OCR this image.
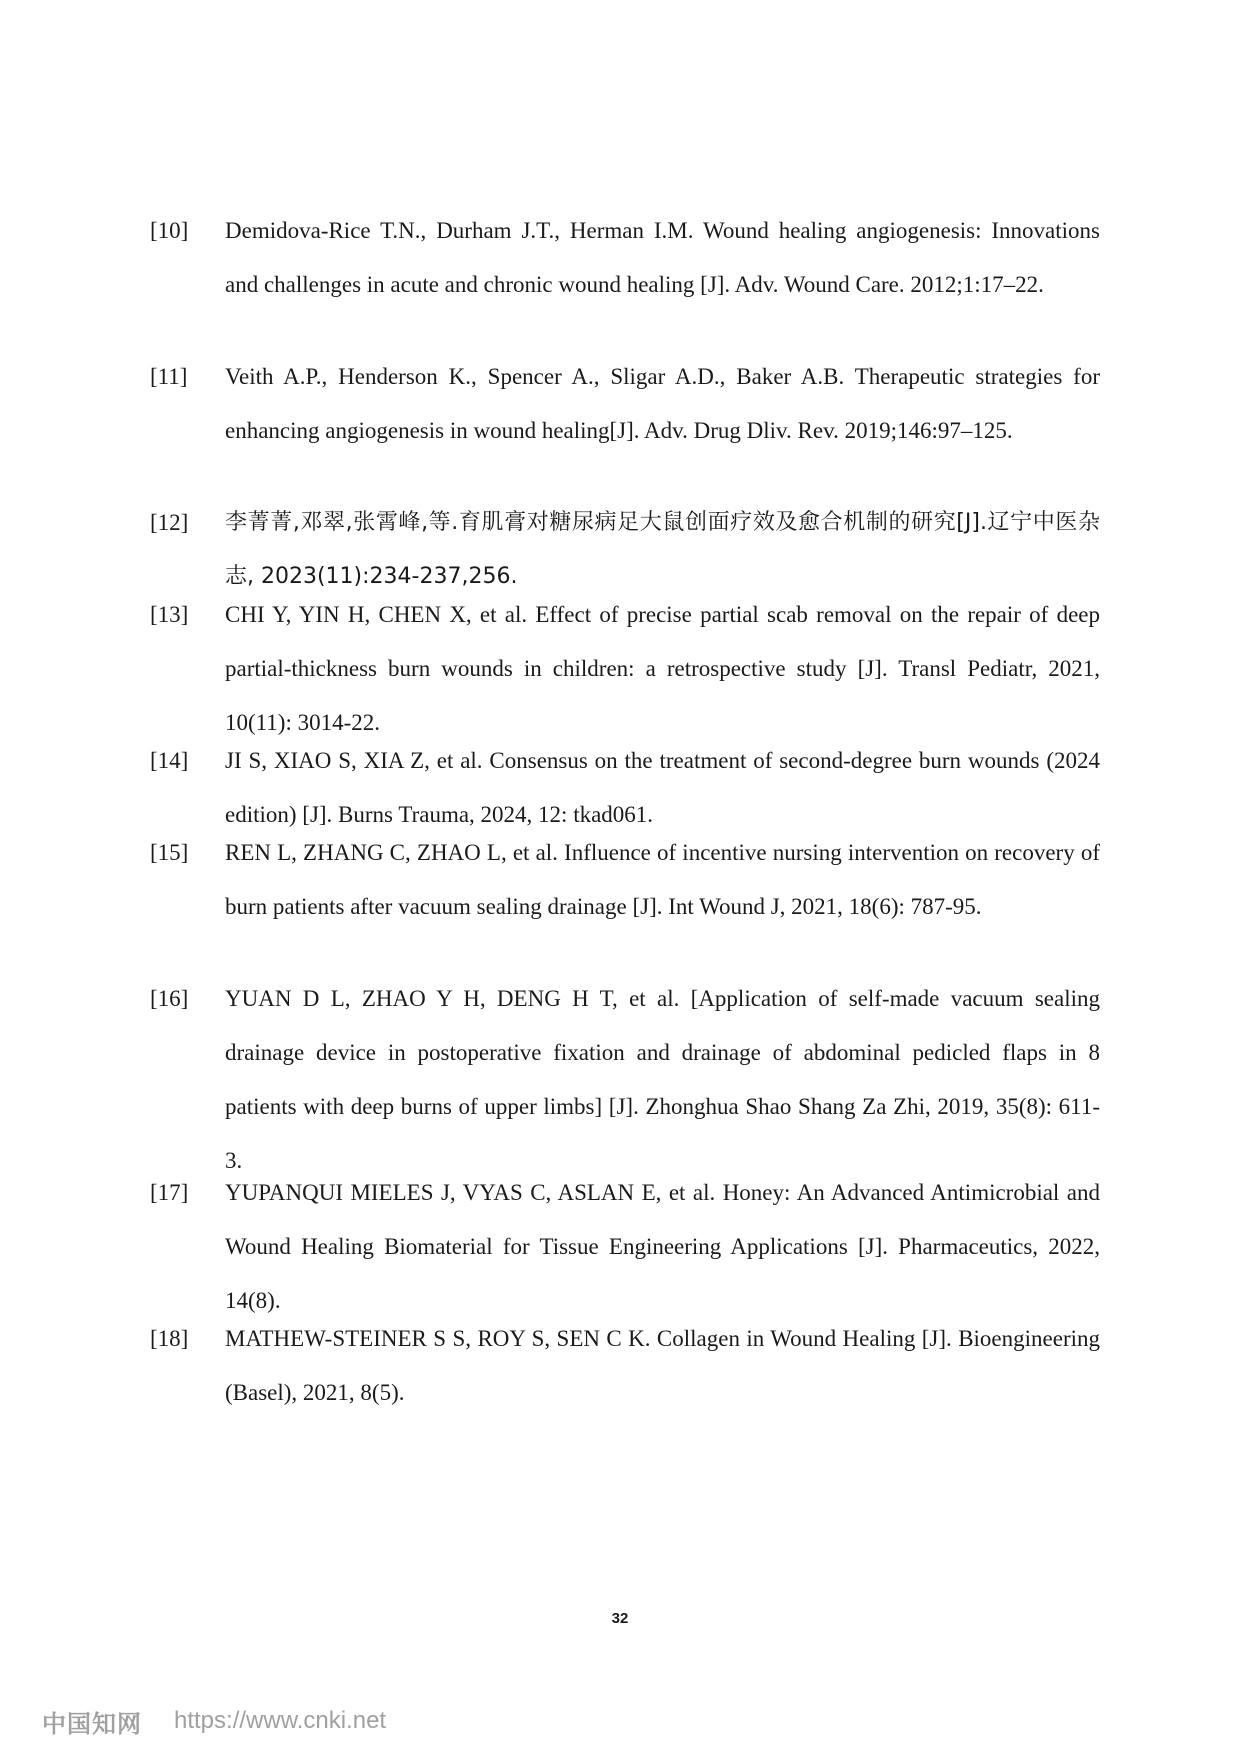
[10] Demidova-Rice T.N., Durham J.T., Herman I.M. Wound healing angiogenesis: Innovations and challenges in acute and chronic wound healing [J]. Adv. Wound Care. 2012;1:17–22.
[11] Veith A.P., Henderson K., Spencer A., Sligar A.D., Baker A.B. Therapeutic strategies for enhancing angiogenesis in wound healing[J]. Adv. Drug Dliv. Rev. 2019;146:97–125.
[12] 李菁菁,邓翠,张霄峰,等.育肌膏对糖尿病足大鼠创面疗效及愈合机制的研究[J].辽宁中医杂志, 2023(11):234-237,256.
[13] CHI Y, YIN H, CHEN X, et al. Effect of precise partial scab removal on the repair of deep partial-thickness burn wounds in children: a retrospective study [J]. Transl Pediatr, 2021, 10(11): 3014-22.
[14] JI S, XIAO S, XIA Z, et al. Consensus on the treatment of second-degree burn wounds (2024 edition) [J]. Burns Trauma, 2024, 12: tkad061.
[15] REN L, ZHANG C, ZHAO L, et al. Influence of incentive nursing intervention on recovery of burn patients after vacuum sealing drainage [J]. Int Wound J, 2021, 18(6): 787-95.
[16] YUAN D L, ZHAO Y H, DENG H T, et al. [Application of self-made vacuum sealing drainage device in postoperative fixation and drainage of abdominal pedicled flaps in 8 patients with deep burns of upper limbs] [J]. Zhonghua Shao Shang Za Zhi, 2019, 35(8): 611-3.
[17] YUPANQUI MIELES J, VYAS C, ASLAN E, et al. Honey: An Advanced Antimicrobial and Wound Healing Biomaterial for Tissue Engineering Applications [J]. Pharmaceutics, 2022, 14(8).
[18] MATHEW-STEINER S S, ROY S, SEN C K. Collagen in Wound Healing [J]. Bioengineering (Basel), 2021, 8(5).
32
中国知网 https://www.cnki.net
